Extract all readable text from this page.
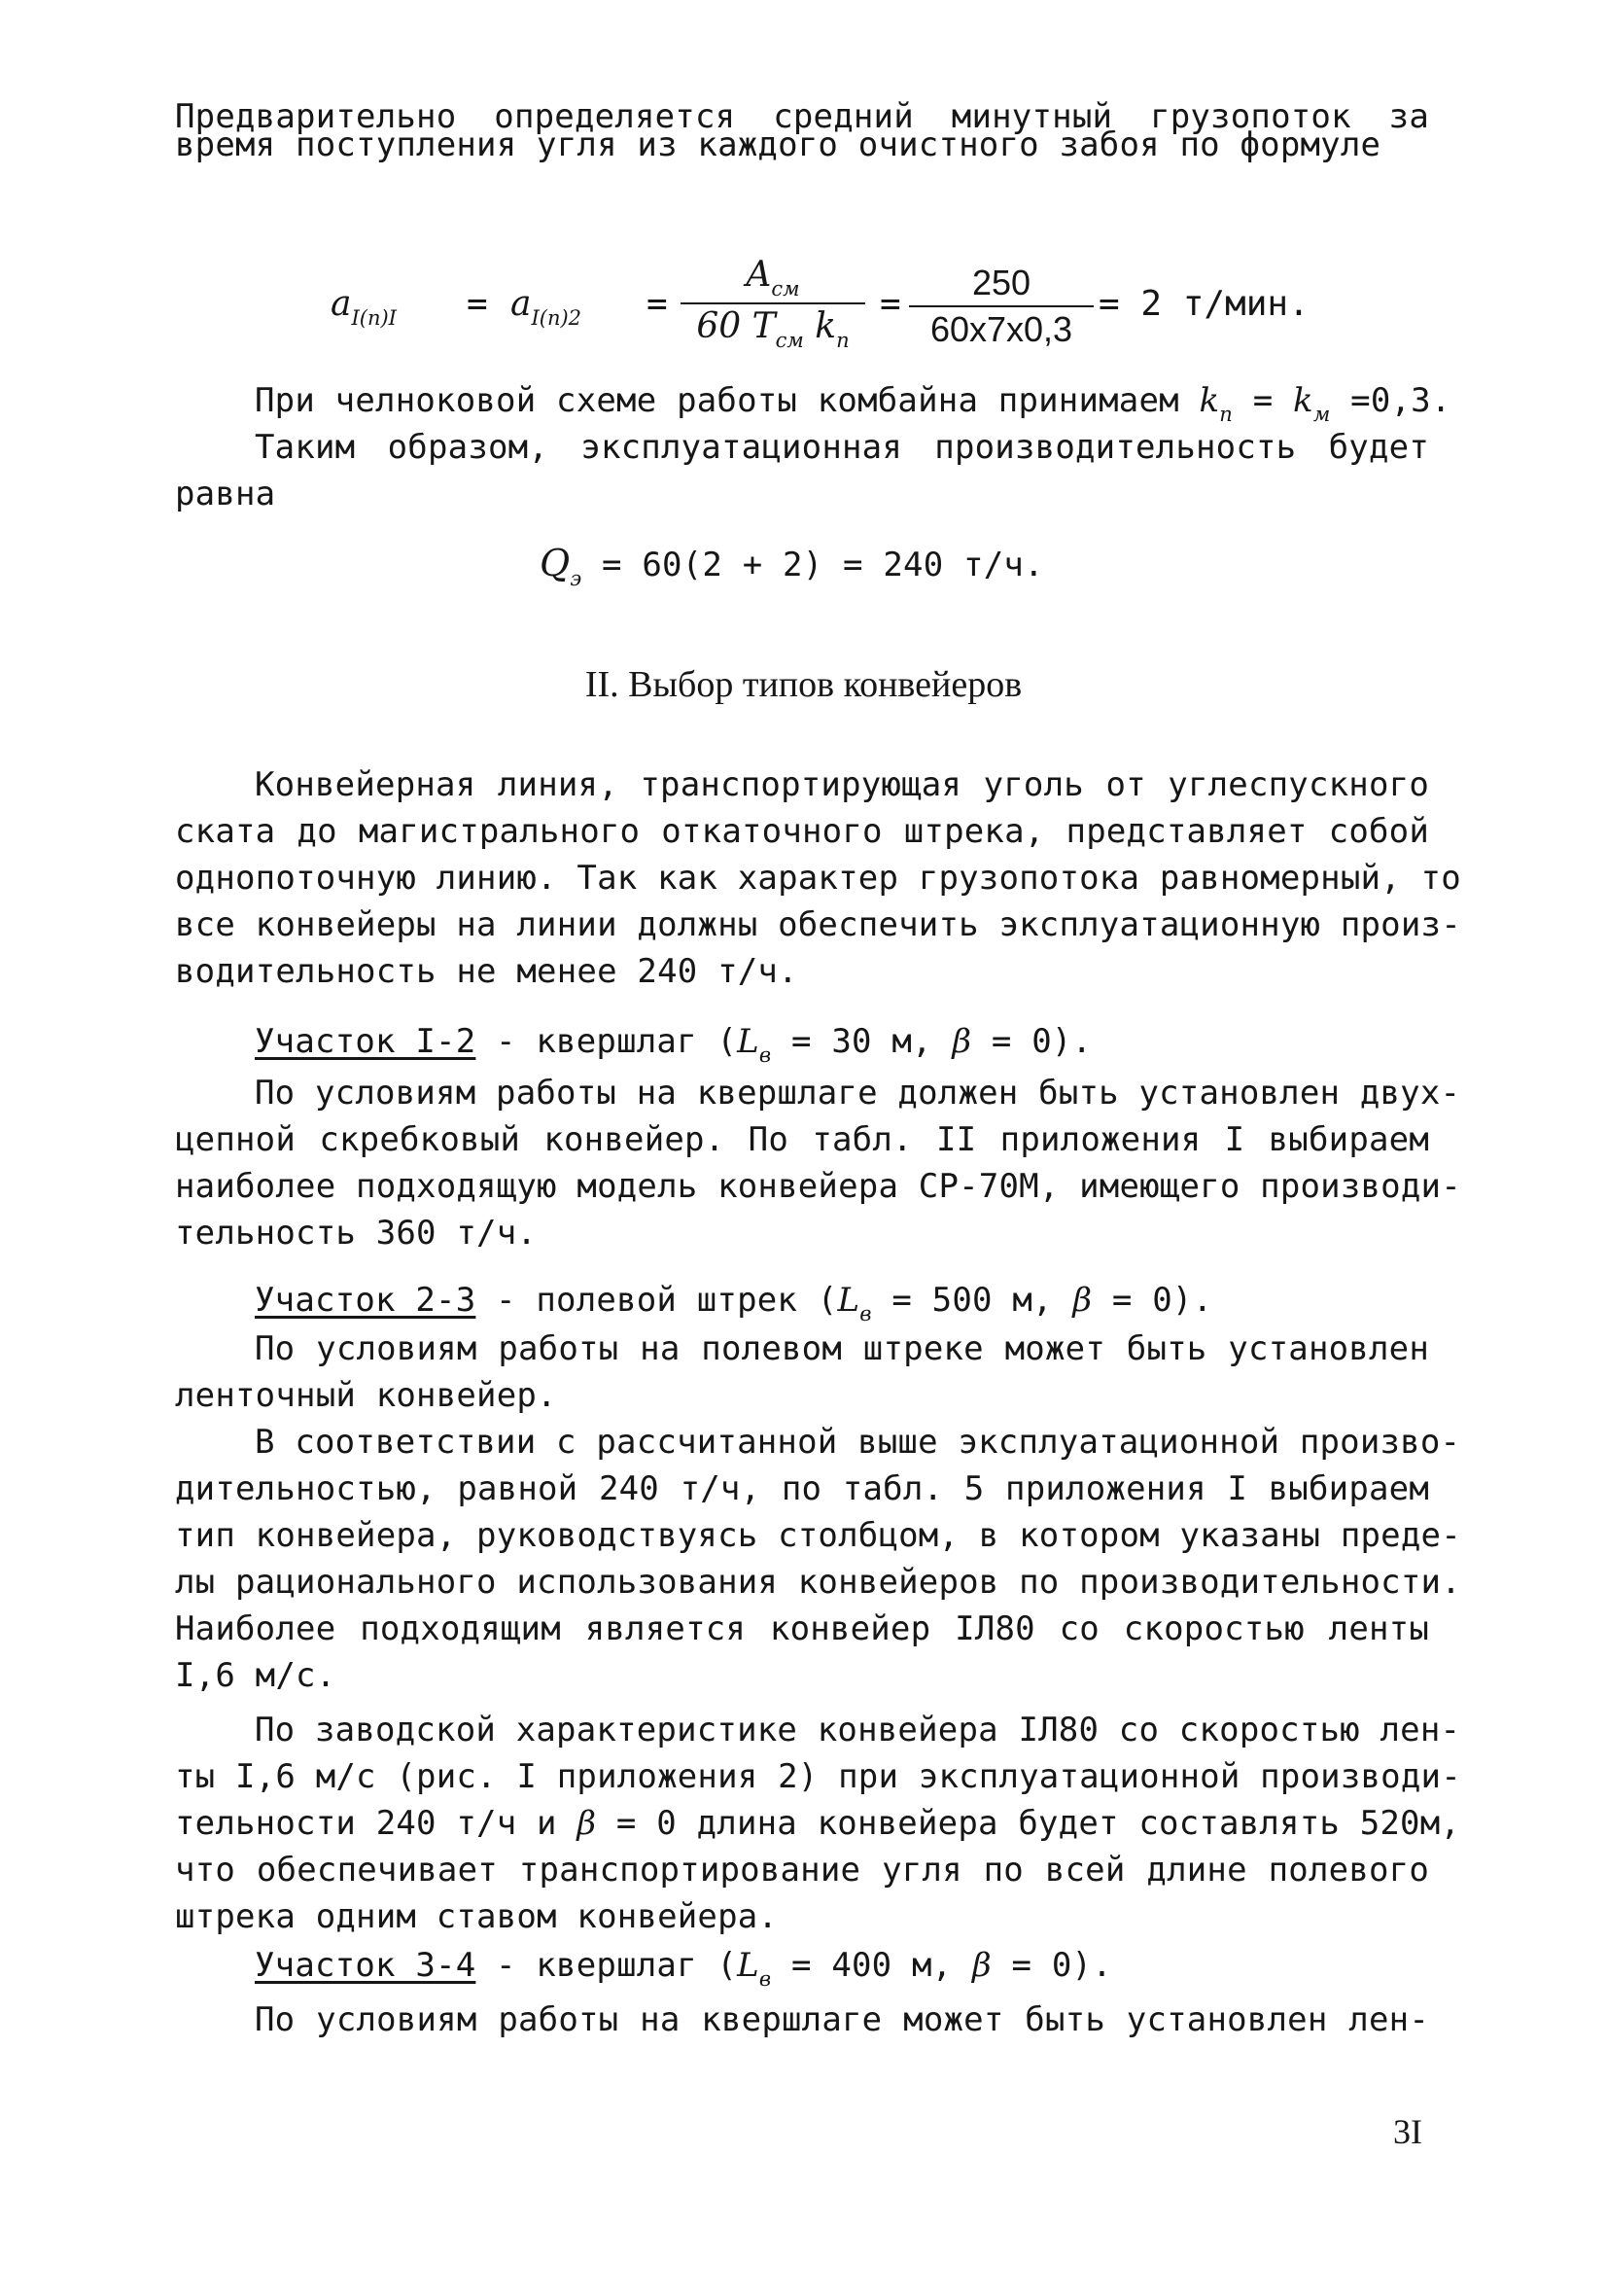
Предварительно определяется средний минутный грузопоток за
время поступления угля из каждого очистного забоя по формуле
$a_{I(n)I} = a_{I(n)2}$ =
$A_{см}$
60 $T_{см}$ $k_п$
= $\frac{250}{60x7x0,3} = 2$ т/мин.
При челноковой схеме работы комбайна принимаем $k_п = k_м =0,3$.
Таким образом, эксплуатационная производительность будет
равна
$Q_э = 60(2 + 2) = 240$ т/ч.
II. Выбор типов конвейеров
Конвейерная линия, транспортирующая уголь от углеспускного
ската до магистрального откаточного штрека, представляет собой
однопоточную линию. Так как характер грузопотока равномерный, то
все конвейеры на линии должны обеспечить эксплуатационную произ-
водительность не менее 240 т/ч.
Участок I-2 - квершлаг ($L_в = 30$ м, β = 0).
По условиям работы на квершлаге должен быть установлен двух-
цепной скребковый конвейер. По табл. II приложения I выбираем
наиболее подходящую модель конвейера СР-70М, имеющего производи-
тельность 360 т/ч.
Участок 2-3 - полевой штрек ($L_в = 500$ м, β = 0).
По условиям работы на полевом штреке может быть установлен
ленточный конвейер.
В соответствии с рассчитанной выше эксплуатационной произво-
дительностью, равной 240 т/ч, по табл. 5 приложения I выбираем
тип конвейера, руководствуясь столбцом, в котором указаны преде-
лы рационального использования конвейеров по производительности.
Наиболее подходящим является конвейер IЛ80 со скоростью ленты
I,6 м/с.
По заводской характеристике конвейера IЛ80 со скоростью лен-
ты I,6 м/с (рис. I приложения 2) при эксплуатационной производи-
тельности 240 т/ч и β = 0 длина конвейера будет составлять 520м,
что обеспечивает транспортирование угля по всей длине полевого
штрека одним ставом конвейера.
Участок 3-4 - квершлаг ($L_в = 400$ м, β = 0).
По условиям работы на квершлаге может быть установлен лен-
3I
